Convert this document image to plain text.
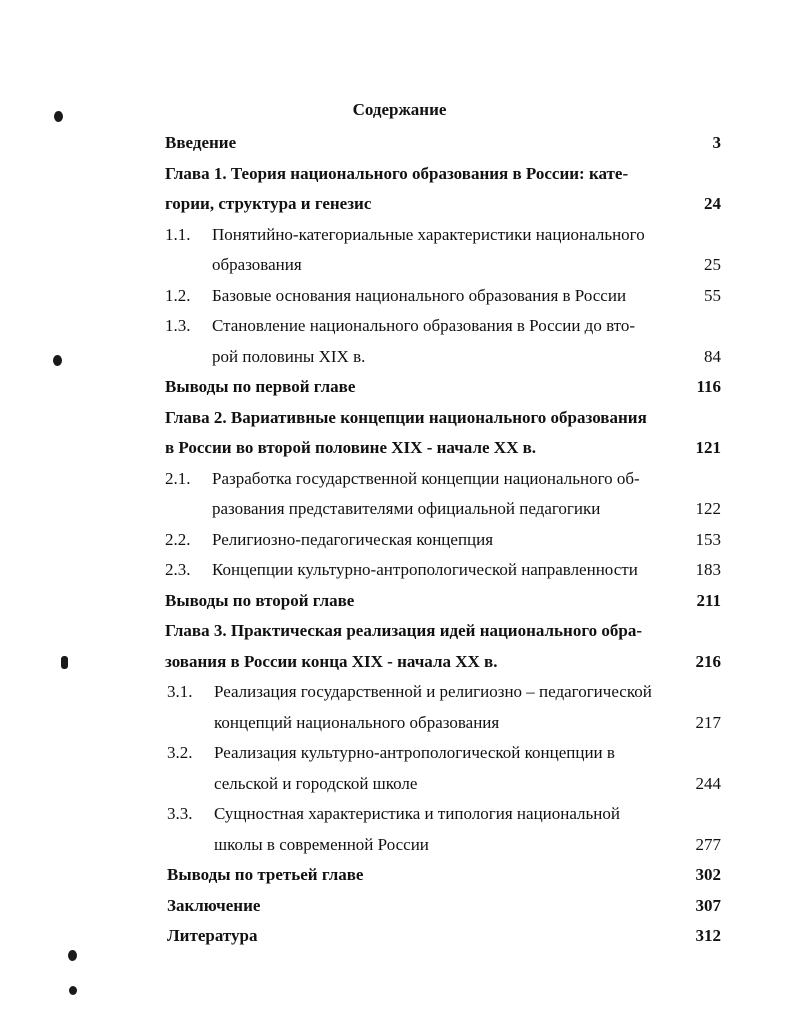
Содержание
Введение	3
Глава 1. Теория национального образования в России: кате-
гории, структура и генезис	24
1.1. Понятийно-категориальные характеристики национального
образования	25
1.2. Базовые основания национального образования в России	55
1.3. Становление национального образования в России до вто-
рой половины XIX в.	84
Выводы по первой главе	116
Глава 2. Вариативные концепции национального образования
в России во второй половине XIX - начале XX в.	121
2.1. Разработка государственной концепции национального об-
разования представителями официальной педагогики	122
2.2. Религиозно-педагогическая концепция	153
2.3. Концепции культурно-антропологической направленности	183
Выводы по второй главе	211
Глава 3. Практическая реализация идей национального обра-
зования в России конца XIX - начала XX в.	216
3.1. Реализация государственной и религиозно – педагогической
концепций национального образования	217
3.2. Реализация культурно-антропологической концепции в
сельской и городской школе	244
3.3. Сущностная характеристика и типология национальной
школы в современной России	277
Выводы по третьей главе	302
Заключение	307
Литература	312
